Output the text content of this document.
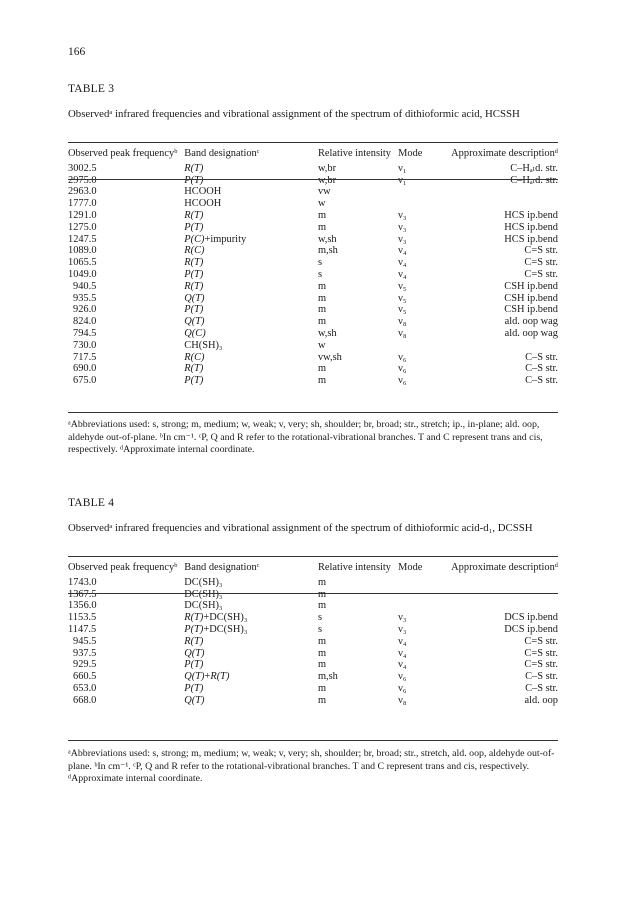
166
TABLE 3
Observedᵃ infrared frequencies and vibrational assignment of the spectrum of dithioformic acid, HCSSH
Observed peak frequencyᵇ	Band designationᶜ	Relative intensity	Mode	Approximate descriptionᵈ
3002.5	R(T)	w,br	ν₁	C–Hₐₗd. str.
2975.0	P(T)	w,br	ν₁	C–Hₐₗd. str.
2963.0	HCOOH	vw		
1777.0	HCOOH	w		
1291.0	R(T)	m	ν₃	HCS ip.bend
1275.0	P(T)	m	ν₃	HCS ip.bend
1247.5	P(C)+impurity	w,sh	ν₃	HCS ip.bend
1089.0	R(C)	m,sh	ν₄	C=S str.
1065.5	R(T)	s	ν₄	C=S str.
1049.0	P(T)	s	ν₄	C=S str.
940.5	R(T)	m	ν₅	CSH ip.bend
935.5	Q(T)	m	ν₅	CSH ip.bend
926.0	P(T)	m	ν₅	CSH ip.bend
824.0	Q(T)	m	ν₈	ald. oop wag
794.5	Q(C)	w,sh	ν₈	ald. oop wag
730.0	CH(SH)₃	w		
717.5	R(C)	vw,sh	ν₆	C–S str.
690.0	R(T)	m	ν₆	C–S str.
675.0	P(T)	m	ν₆	C–S str.
ᵃAbbreviations used: s, strong; m, medium; w, weak; v, very; sh, shoulder; br, broad; str., stretch; ip., in-plane; ald. oop, aldehyde out-of-plane. ᵇIn cm⁻¹. ᶜP, Q and R refer to the rotational-vibrational branches. T and C represent trans and cis, respectively. ᵈApproximate internal coordinate.
TABLE 4
Observedᵃ infrared frequencies and vibrational assignment of the spectrum of dithioformic acid-d₁, DCSSH
Observed peak frequencyᵇ	Band designationᶜ	Relative intensity	Mode	Approximate descriptionᵈ
1743.0	DC(SH)₃	m		
1367.5	DC(SH)₃	m		
1356.0	DC(SH)₃	m		
1153.5	R(T)+DC(SH)₃	s	ν₃	DCS ip.bend
1147.5	P(T)+DC(SH)₃	s	ν₃	DCS ip.bend
945.5	R(T)	m	ν₄	C=S str.
937.5	Q(T)	m	ν₄	C=S str.
929.5	P(T)	m	ν₄	C=S str.
660.5	Q(T)+R(T)	m,sh	ν₆	C–S str.
653.0	P(T)	m	ν₆	C–S str.
668.0	Q(T)	m	ν₈	ald. oop
ᵃAbbreviations used: s, strong; m, medium; w, weak; v, very; sh, shoulder; br, broad; str., stretch, ald. oop, aldehyde out-of-plane. ᵇIn cm⁻¹. ᶜP, Q and R refer to the rotational-vibrational branches. T and C represent trans and cis, respectively. ᵈApproximate internal coordinate.
